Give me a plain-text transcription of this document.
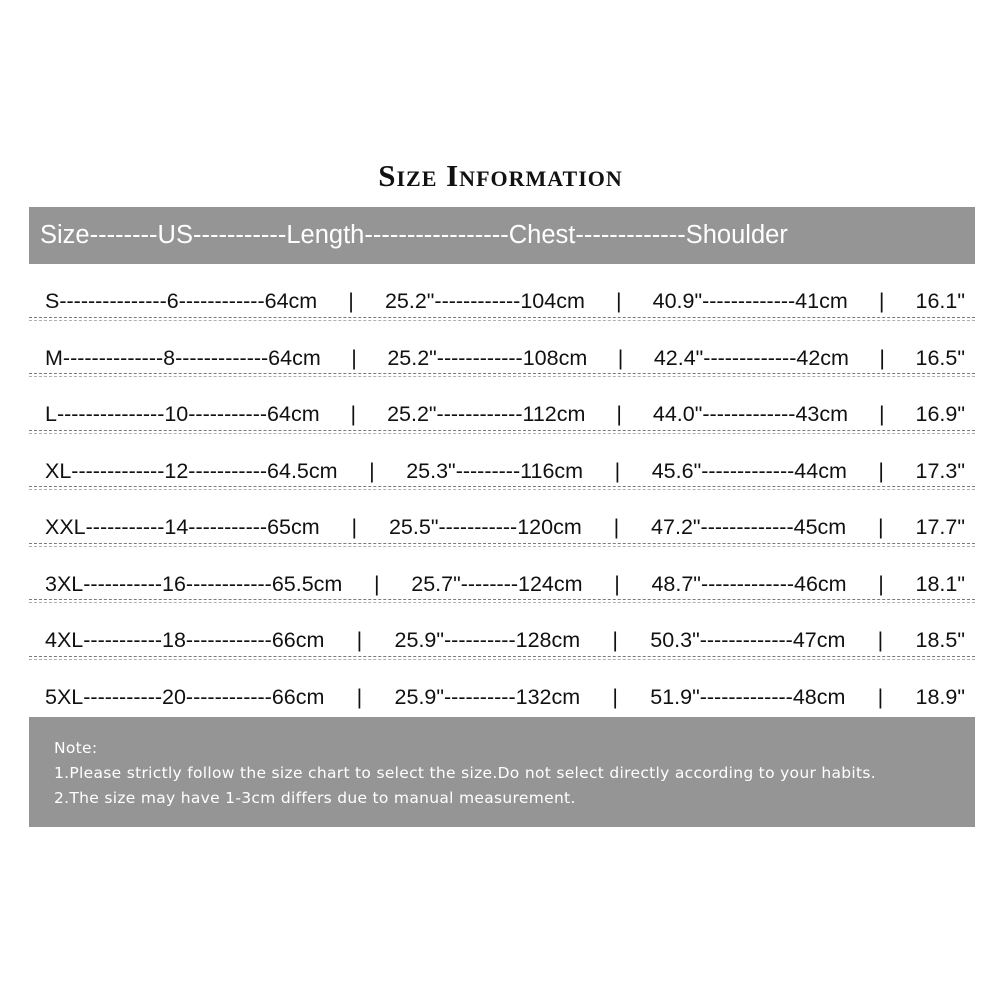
Size Information
Size--------US-----------Length-----------------Chest-------------Shoulder
S---------------6------------64cm | 25.2"------------104cm | 40.9"-------------41cm | 16.1"
M--------------8-------------64cm | 25.2"------------108cm | 42.4"-------------42cm | 16.5"
L---------------10-----------64cm | 25.2"------------112cm | 44.0"-------------43cm | 16.9"
XL-------------12-----------64.5cm | 25.3"---------116cm | 45.6"-------------44cm | 17.3"
XXL-----------14-----------65cm | 25.5"-----------120cm | 47.2"-------------45cm | 17.7"
3XL-----------16------------65.5cm | 25.7"--------124cm | 48.7"-------------46cm | 18.1"
4XL-----------18------------66cm | 25.9"----------128cm | 50.3"-------------47cm | 18.5"
5XL-----------20------------66cm | 25.9"----------132cm | 51.9"-------------48cm | 18.9"
Note:
1.Please strictly follow the size chart to select the size.Do not select directly according to your habits.
2.The size may have 1-3cm differs due to manual measurement.
